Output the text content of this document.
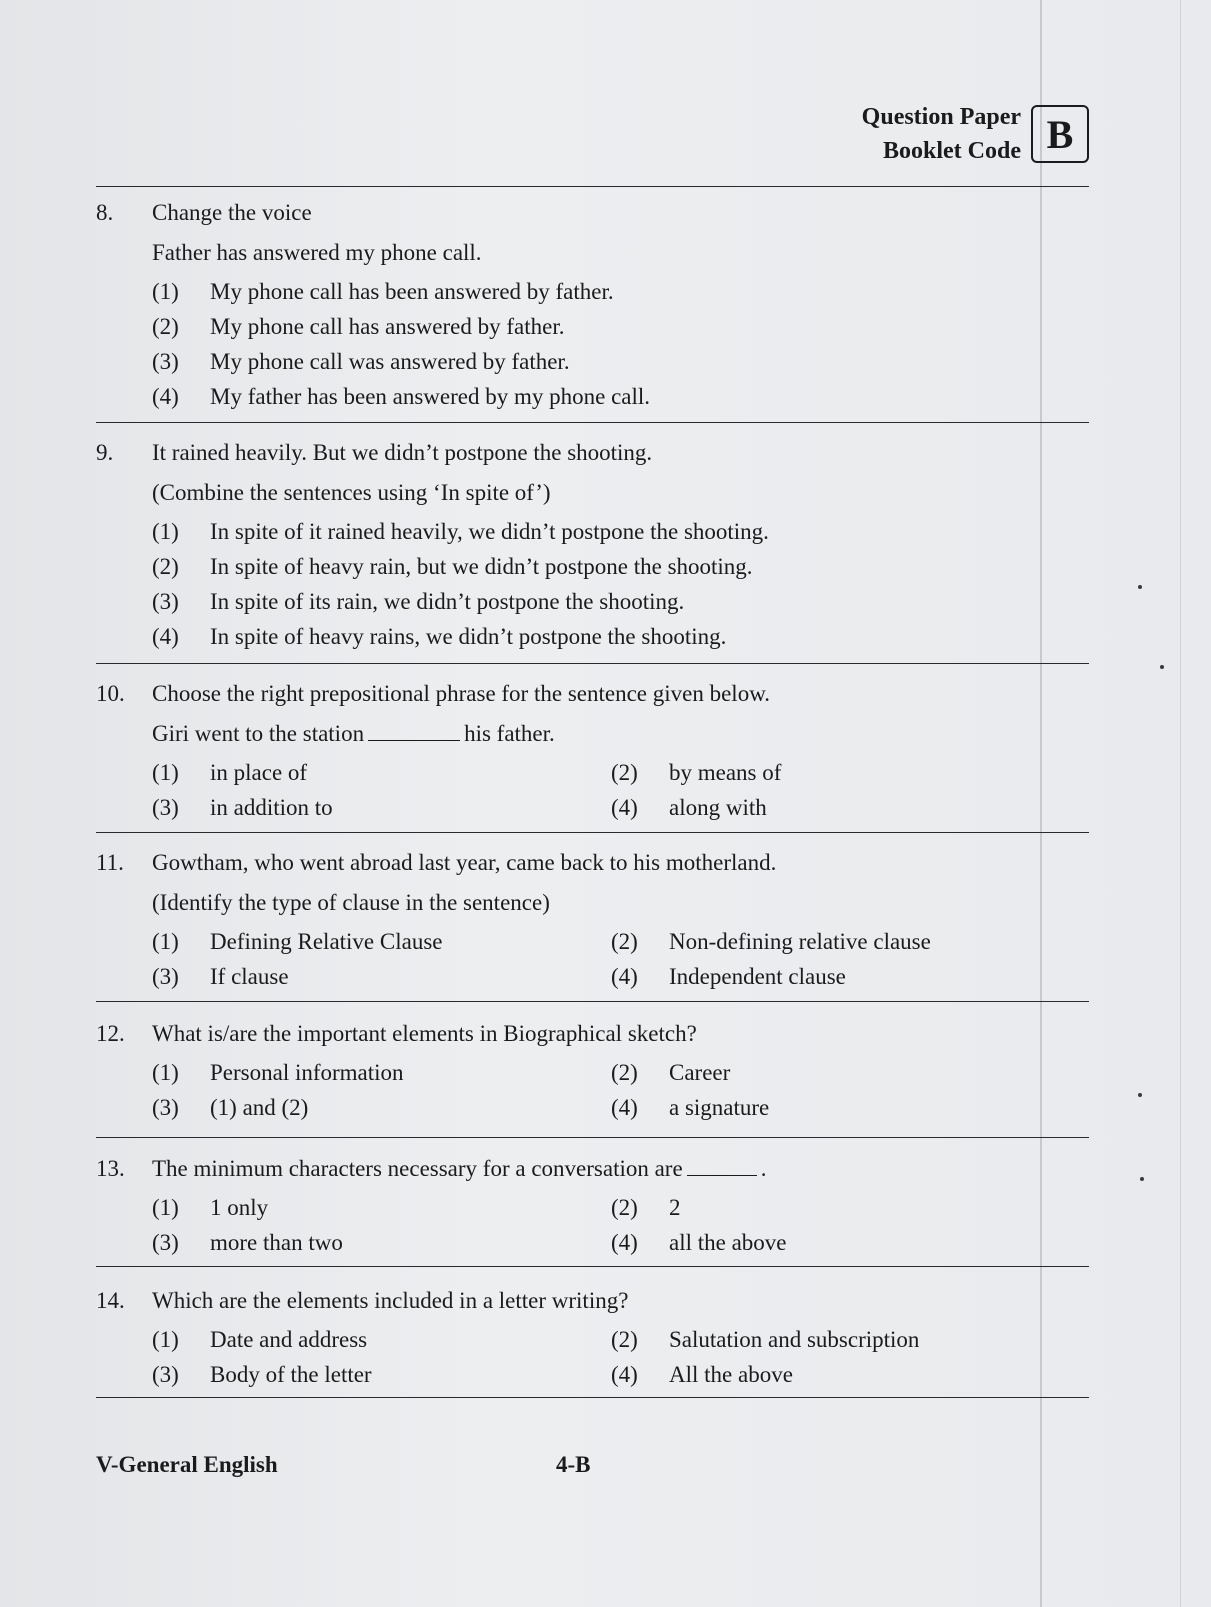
Question Paper
Booklet Code B
8. Change the voice
Father has answered my phone call.
(1) My phone call has been answered by father.
(2) My phone call has answered by father.
(3) My phone call was answered by father.
(4) My father has been answered by my phone call.
9. It rained heavily. But we didn’t postpone the shooting.
(Combine the sentences using ‘In spite of’)
(1) In spite of it rained heavily, we didn’t postpone the shooting.
(2) In spite of heavy rain, but we didn’t postpone the shooting.
(3) In spite of its rain, we didn’t postpone the shooting.
(4) In spite of heavy rains, we didn’t postpone the shooting.
10. Choose the right prepositional phrase for the sentence given below.
Giri went to the station	his father.
(1) in place of	(2) by means of
(3) in addition to	(4) along with
11. Gowtham, who went abroad last year, came back to his motherland.
(Identify the type of clause in the sentence)
(1) Defining Relative Clause	(2) Non-defining relative clause
(3) If clause	(4) Independent clause
12. What is/are the important elements in Biographical sketch?
(1) Personal information	(2) Career
(3) (1) and (2)	(4) a signature
13. The minimum characters necessary for a conversation are	.
(1) 1 only	(2) 2
(3) more than two	(4) all the above
14. Which are the elements included in a letter writing?
(1) Date and address	(2) Salutation and subscription
(3) Body of the letter	(4) All the above
V-General English	4-B
